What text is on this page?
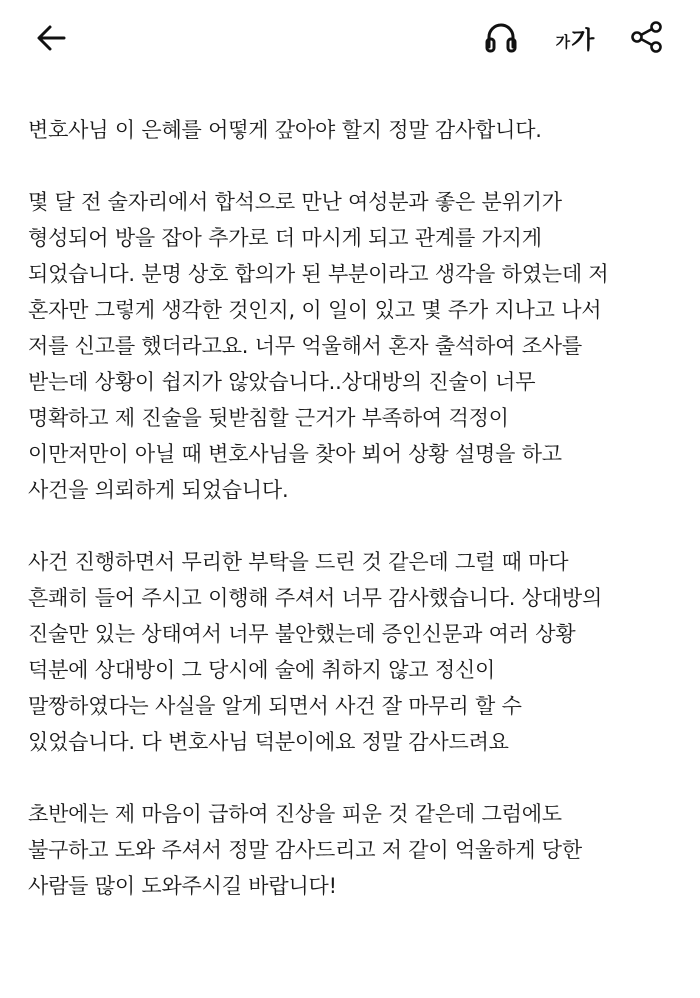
가 가
변호사님 이 은혜를 어떻게 갚아야 할지 정말 감사합니다.
몇 달 전 술자리에서 합석으로 만난 여성분과 좋은 분위기가
형성되어 방을 잡아 추가로 더 마시게 되고 관계를 가지게
되었습니다. 분명 상호 합의가 된 부분이라고 생각을 하였는데 저
혼자만 그렇게 생각한 것인지, 이 일이 있고 몇 주가 지나고 나서
저를 신고를 했더라고요. 너무 억울해서 혼자 출석하여 조사를
받는데 상황이 쉽지가 않았습니다..상대방의 진술이 너무
명확하고 제 진술을 뒷받침할 근거가 부족하여 걱정이
이만저만이 아닐 때 변호사님을 찾아 뵈어 상황 설명을 하고
사건을 의뢰하게 되었습니다.
사건 진행하면서 무리한 부탁을 드린 것 같은데 그럴 때 마다
흔쾌히 들어 주시고 이행해 주셔서 너무 감사했습니다. 상대방의
진술만 있는 상태여서 너무 불안했는데 증인신문과 여러 상황
덕분에 상대방이 그 당시에 술에 취하지 않고 정신이
말짱하였다는 사실을 알게 되면서 사건 잘 마무리 할 수
있었습니다. 다 변호사님 덕분이에요 정말 감사드려요
초반에는 제 마음이 급하여 진상을 피운 것 같은데 그럼에도
불구하고 도와 주셔서 정말 감사드리고 저 같이 억울하게 당한
사람들 많이 도와주시길 바랍니다!
